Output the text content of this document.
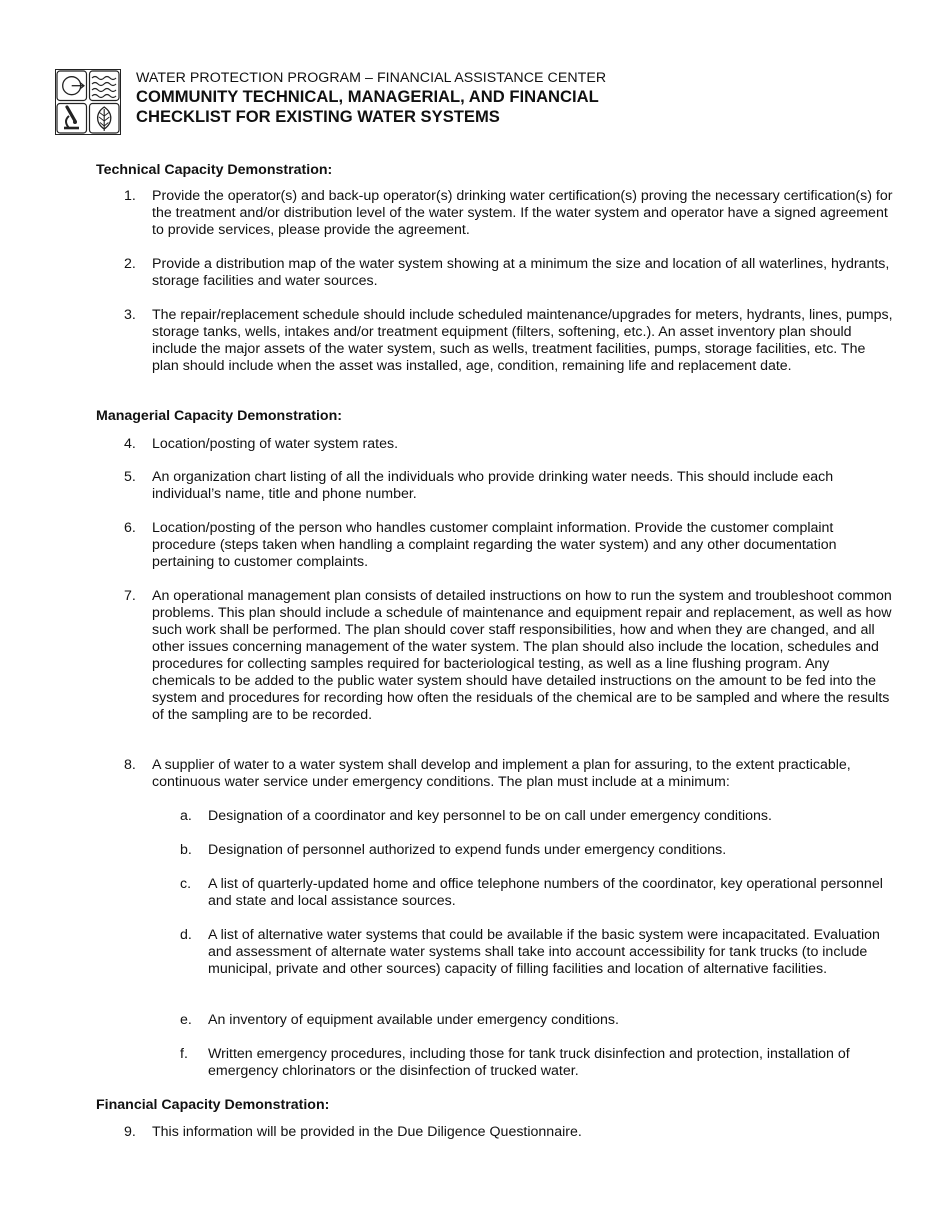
WATER PROTECTION PROGRAM – FINANCIAL ASSISTANCE CENTER
COMMUNITY TECHNICAL, MANAGERIAL, AND FINANCIAL
CHECKLIST FOR EXISTING WATER SYSTEMS
Technical Capacity Demonstration:
1. Provide the operator(s) and back-up operator(s) drinking water certification(s) proving the necessary certification(s) for the treatment and/or distribution level of the water system. If the water system and operator have a signed agreement to provide services, please provide the agreement.
2. Provide a distribution map of the water system showing at a minimum the size and location of all waterlines, hydrants, storage facilities and water sources.
3. The repair/replacement schedule should include scheduled maintenance/upgrades for meters, hydrants, lines, pumps, storage tanks, wells, intakes and/or treatment equipment (filters, softening, etc.). An asset inventory plan should include the major assets of the water system, such as wells, treatment facilities, pumps, storage facilities, etc. The plan should include when the asset was installed, age, condition, remaining life and replacement date.
Managerial Capacity Demonstration:
4. Location/posting of water system rates.
5. An organization chart listing of all the individuals who provide drinking water needs. This should include each individual’s name, title and phone number.
6. Location/posting of the person who handles customer complaint information. Provide the customer complaint procedure (steps taken when handling a complaint regarding the water system) and any other documentation pertaining to customer complaints.
7. An operational management plan consists of detailed instructions on how to run the system and troubleshoot common problems. This plan should include a schedule of maintenance and equipment repair and replacement, as well as how such work shall be performed. The plan should cover staff responsibilities, how and when they are changed, and all other issues concerning management of the water system. The plan should also include the location, schedules and procedures for collecting samples required for bacteriological testing, as well as a line flushing program. Any chemicals to be added to the public water system should have detailed instructions on the amount to be fed into the system and procedures for recording how often the residuals of the chemical are to be sampled and where the results of the sampling are to be recorded.
8. A supplier of water to a water system shall develop and implement a plan for assuring, to the extent practicable, continuous water service under emergency conditions. The plan must include at a minimum:
a. Designation of a coordinator and key personnel to be on call under emergency conditions.
b. Designation of personnel authorized to expend funds under emergency conditions.
c. A list of quarterly-updated home and office telephone numbers of the coordinator, key operational personnel and state and local assistance sources.
d. A list of alternative water systems that could be available if the basic system were incapacitated. Evaluation and assessment of alternate water systems shall take into account accessibility for tank trucks (to include municipal, private and other sources) capacity of filling facilities and location of alternative facilities.
e. An inventory of equipment available under emergency conditions.
f. Written emergency procedures, including those for tank truck disinfection and protection, installation of emergency chlorinators or the disinfection of trucked water.
Financial Capacity Demonstration:
9. This information will be provided in the Due Diligence Questionnaire.
